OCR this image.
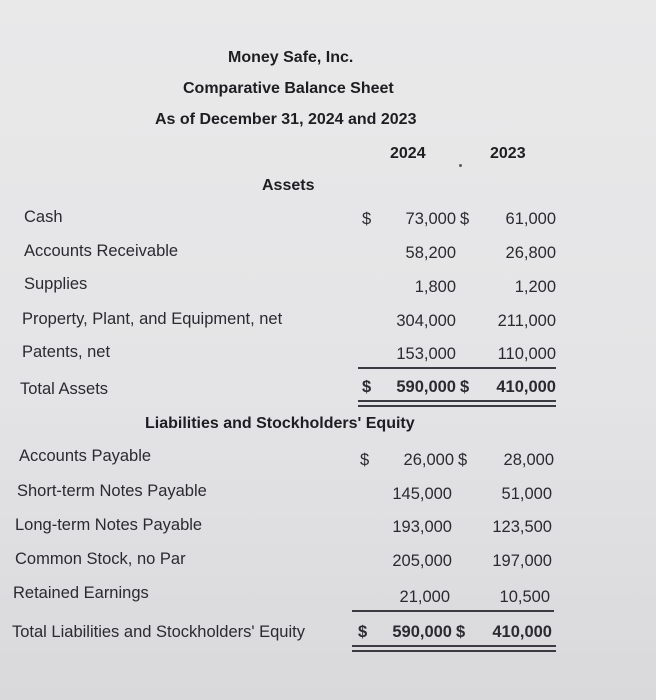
Money Safe, Inc.
Comparative Balance Sheet
As of December 31, 2024 and 2023
2024	2023
Assets
Cash	$	73,000 $	61,000
Accounts Receivable	58,200	26,800
Supplies	1,800	1,200
Property, Plant, and Equipment, net	304,000	211,000
Patents, net	153,000	110,000
Total Assets	$	590,000 $	410,000
Liabilities and Stockholders' Equity
Accounts Payable	$	26,000 $	28,000
Short-term Notes Payable	145,000	51,000
Long-term Notes Payable	193,000	123,500
Common Stock, no Par	205,000	197,000
Retained Earnings	21,000	10,500
Total Liabilities and Stockholders' Equity	$	590,000 $	410,000
